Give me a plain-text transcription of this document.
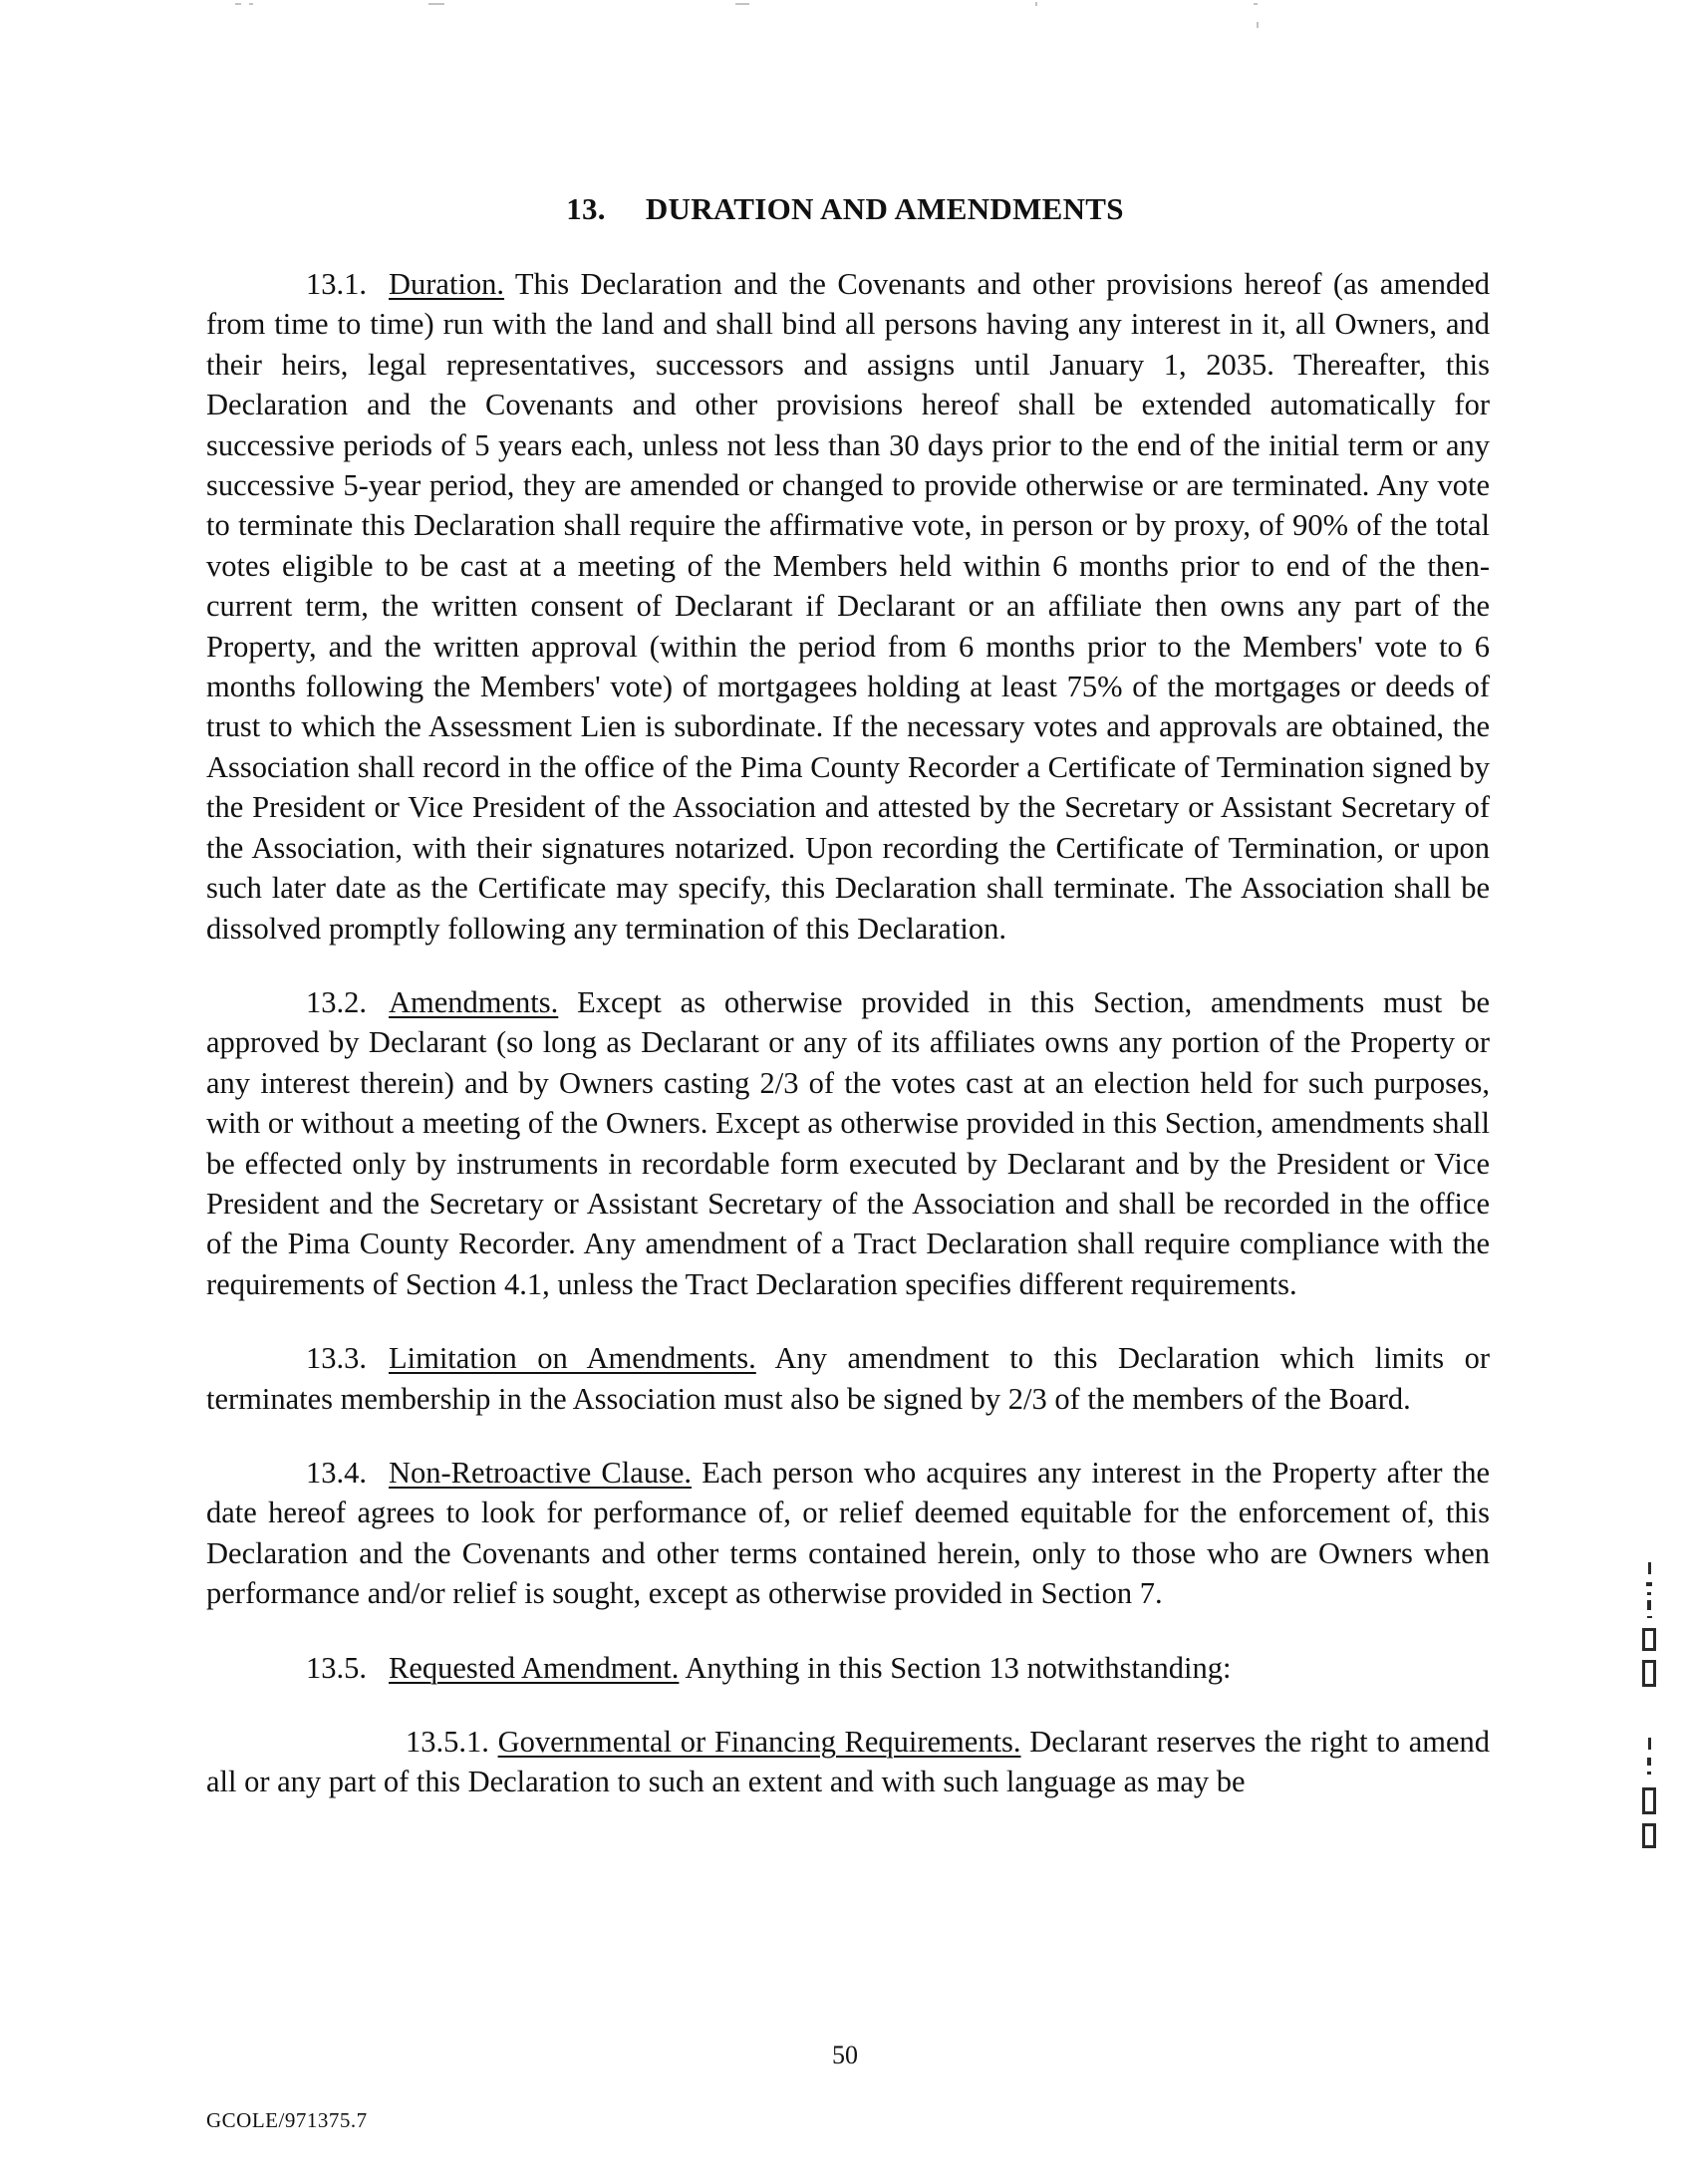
13. DURATION AND AMENDMENTS

13.1. Duration. This Declaration and the Covenants and other provisions hereof (as amended from time to time) run with the land and shall bind all persons having any interest in it, all Owners, and their heirs, legal representatives, successors and assigns until January 1, 2035. Thereafter, this Declaration and the Covenants and other provisions hereof shall be extended automatically for successive periods of 5 years each, unless not less than 30 days prior to the end of the initial term or any successive 5-year period, they are amended or changed to provide otherwise or are terminated. Any vote to terminate this Declaration shall require the affirmative vote, in person or by proxy, of 90% of the total votes eligible to be cast at a meeting of the Members held within 6 months prior to end of the then-current term, the written consent of Declarant if Declarant or an affiliate then owns any part of the Property, and the written approval (within the period from 6 months prior to the Members' vote to 6 months following the Members' vote) of mortgagees holding at least 75% of the mortgages or deeds of trust to which the Assessment Lien is subordinate. If the necessary votes and approvals are obtained, the Association shall record in the office of the Pima County Recorder a Certificate of Termination signed by the President or Vice President of the Association and attested by the Secretary or Assistant Secretary of the Association, with their signatures notarized. Upon recording the Certificate of Termination, or upon such later date as the Certificate may specify, this Declaration shall terminate. The Association shall be dissolved promptly following any termination of this Declaration.

13.2. Amendments. Except as otherwise provided in this Section, amendments must be approved by Declarant (so long as Declarant or any of its affiliates owns any portion of the Property or any interest therein) and by Owners casting 2/3 of the votes cast at an election held for such purposes, with or without a meeting of the Owners. Except as otherwise provided in this Section, amendments shall be effected only by instruments in recordable form executed by Declarant and by the President or Vice President and the Secretary or Assistant Secretary of the Association and shall be recorded in the office of the Pima County Recorder. Any amendment of a Tract Declaration shall require compliance with the requirements of Section 4.1, unless the Tract Declaration specifies different requirements.

13.3. Limitation on Amendments. Any amendment to this Declaration which limits or terminates membership in the Association must also be signed by 2/3 of the members of the Board.

13.4. Non-Retroactive Clause. Each person who acquires any interest in the Property after the date hereof agrees to look for performance of, or relief deemed equitable for the enforcement of, this Declaration and the Covenants and other terms contained herein, only to those who are Owners when performance and/or relief is sought, except as otherwise provided in Section 7.

13.5. Requested Amendment. Anything in this Section 13 notwithstanding:

13.5.1. Governmental or Financing Requirements. Declarant reserves the right to amend all or any part of this Declaration to such an extent and with such language as may be

50
GCOLE/971375.7
